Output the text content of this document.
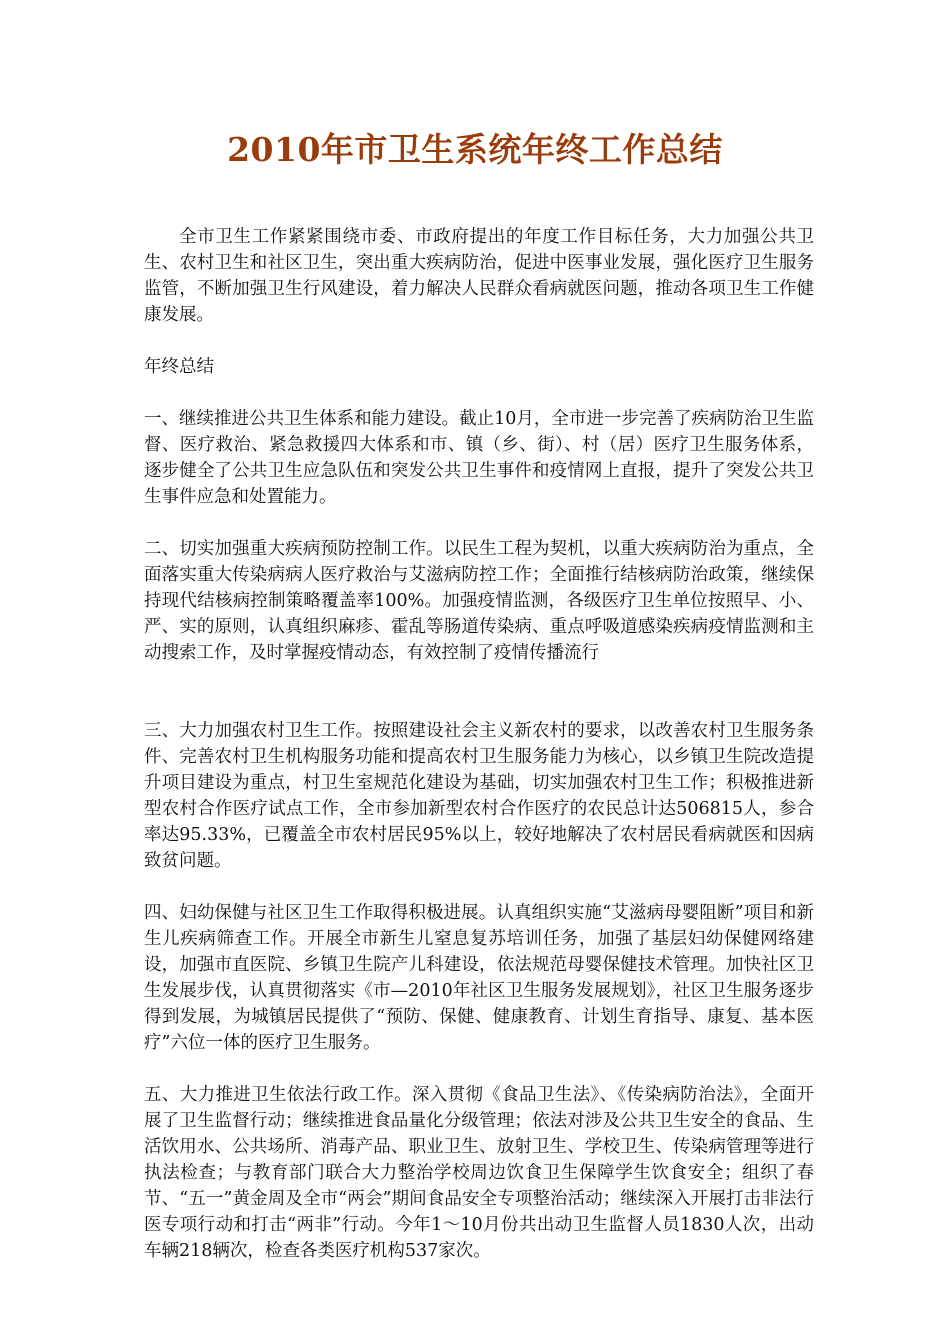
2010年市卫生系统年终工作总结

全市卫生工作紧紧围绕市委、市政府提出的年度工作目标任务，大力加强公共卫生、农村卫生和社区卫生，突出重大疾病防治，促进中医事业发展，强化医疗卫生服务监管，不断加强卫生行风建设，着力解决人民群众看病就医问题，推动各项卫生工作健康发展。

年终总结

一、继续推进公共卫生体系和能力建设。截止10月，全市进一步完善了疾病防治卫生监督、医疗救治、紧急救援四大体系和市、镇（乡、街）、村（居）医疗卫生服务体系，逐步健全了公共卫生应急队伍和突发公共卫生事件和疫情网上直报，提升了突发公共卫生事件应急和处置能力。

二、切实加强重大疾病预防控制工作。以民生工程为契机，以重大疾病防治为重点，全面落实重大传染病病人医疗救治与艾滋病防控工作；全面推行结核病防治政策，继续保持现代结核病控制策略覆盖率100%。加强疫情监测，各级医疗卫生单位按照早、小、严、实的原则，认真组织麻疹、霍乱等肠道传染病、重点呼吸道感染疾病疫情监测和主动搜索工作，及时掌握疫情动态，有效控制了疫情传播流行

三、大力加强农村卫生工作。按照建设社会主义新农村的要求，以改善农村卫生服务条件、完善农村卫生机构服务功能和提高农村卫生服务能力为核心，以乡镇卫生院改造提升项目建设为重点，村卫生室规范化建设为基础，切实加强农村卫生工作；积极推进新型农村合作医疗试点工作，全市参加新型农村合作医疗的农民总计达506815人，参合率达95.33%，已覆盖全市农村居民95%以上，较好地解决了农村居民看病就医和因病致贫问题。

四、妇幼保健与社区卫生工作取得积极进展。认真组织实施“艾滋病母婴阻断”项目和新生儿疾病筛查工作。开展全市新生儿窒息复苏培训任务，加强了基层妇幼保健网络建设，加强市直医院、乡镇卫生院产儿科建设，依法规范母婴保健技术管理。加快社区卫生发展步伐，认真贯彻落实《市—2010年社区卫生服务发展规划》，社区卫生服务逐步得到发展，为城镇居民提供了“预防、保健、健康教育、计划生育指导、康复、基本医疗”六位一体的医疗卫生服务。

五、大力推进卫生依法行政工作。深入贯彻《食品卫生法》、《传染病防治法》，全面开展了卫生监督行动；继续推进食品量化分级管理；依法对涉及公共卫生安全的食品、生活饮用水、公共场所、消毒产品、职业卫生、放射卫生、学校卫生、传染病管理等进行执法检查；与教育部门联合大力整治学校周边饮食卫生保障学生饮食安全；组织了春节、“五一”黄金周及全市“两会”期间食品安全专项整治活动；继续深入开展打击非法行医专项行动和打击“两非”行动。今年1～10月份共出动卫生监督人员1830人次，出动车辆218辆次，检查各类医疗机构537家次。
